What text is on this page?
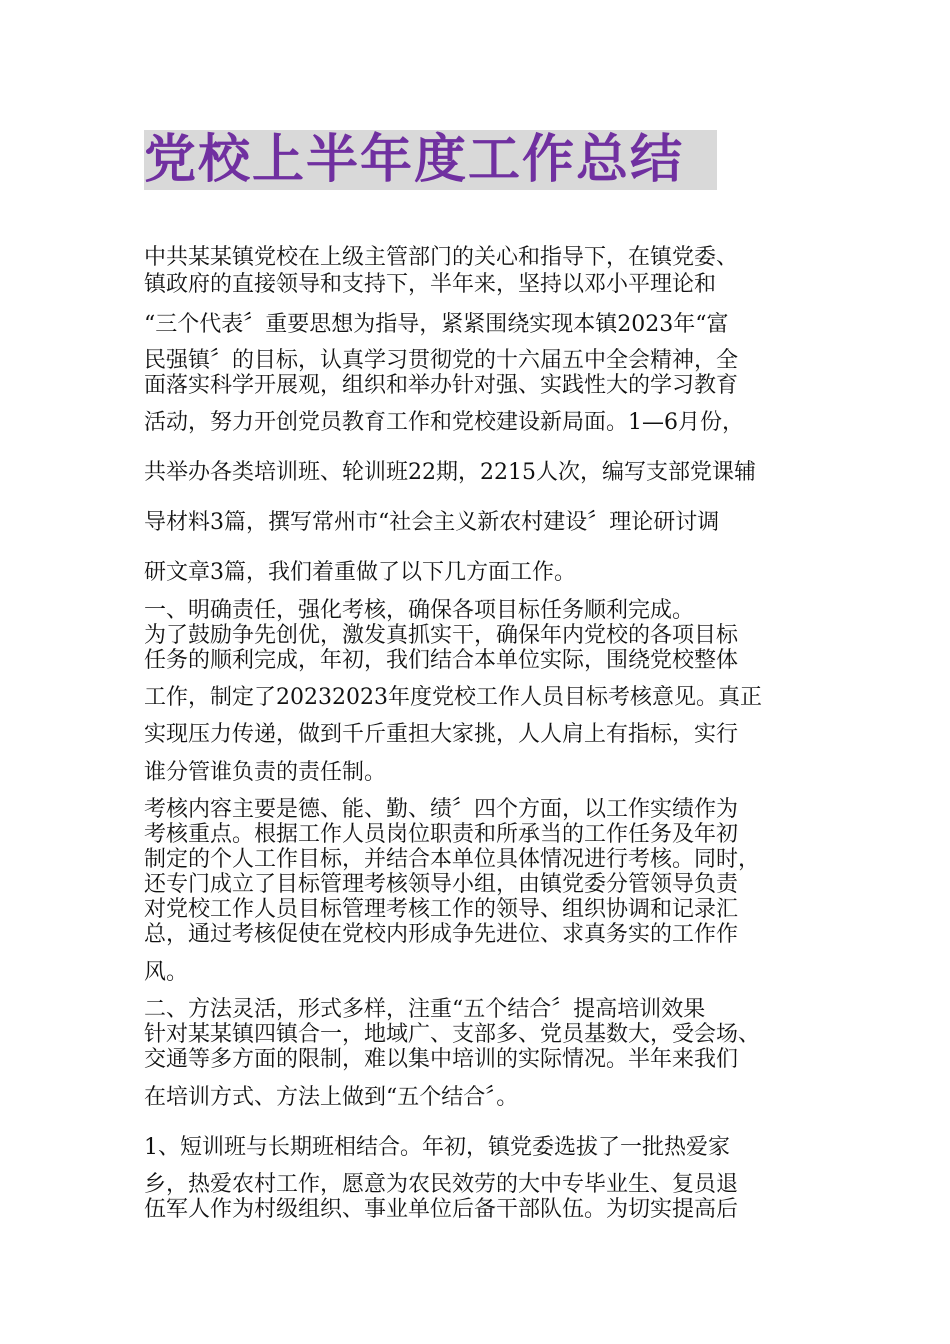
党校上半年度工作总结
中共某某镇党校在上级主管部门的关心和指导下，在镇党委、
镇政府的直接领导和支持下，半年来，坚持以邓小平理论和
“三个代表〞重要思想为指导，紧紧围绕实现本镇2023年“富
民强镇〞的目标，认真学习贯彻党的十六届五中全会精神，全
面落实科学开展观，组织和举办针对强、实践性大的学习教育
活动，努力开创党员教育工作和党校建设新局面。1—6月份，
共举办各类培训班、轮训班22期，2215人次，编写支部党课辅
导材料3篇，撰写常州市“社会主义新农村建设〞理论研讨调
研文章3篇，我们着重做了以下几方面工作。
一、明确责任，强化考核，确保各项目标任务顺利完成。
为了鼓励争先创优，激发真抓实干，确保年内党校的各项目标
任务的顺利完成，年初，我们结合本单位实际，围绕党校整体
工作，制定了20232023年度党校工作人员目标考核意见。真正
实现压力传递，做到千斤重担大家挑，人人肩上有指标，实行
谁分管谁负责的责任制。
考核内容主要是德、能、勤、绩〞四个方面，以工作实绩作为
考核重点。根据工作人员岗位职责和所承当的工作任务及年初
制定的个人工作目标，并结合本单位具体情况进行考核。同时，
还专门成立了目标管理考核领导小组，由镇党委分管领导负责
对党校工作人员目标管理考核工作的领导、组织协调和记录汇
总，通过考核促使在党校内形成争先进位、求真务实的工作作
风。
二、方法灵活，形式多样，注重“五个结合〞提高培训效果
针对某某镇四镇合一，地域广、支部多、党员基数大，受会场、
交通等多方面的限制，难以集中培训的实际情况。半年来我们
在培训方式、方法上做到“五个结合〞。
1、短训班与长期班相结合。年初，镇党委选拔了一批热爱家
乡，热爱农村工作，愿意为农民效劳的大中专毕业生、复员退
伍军人作为村级组织、事业单位后备干部队伍。为切实提高后
